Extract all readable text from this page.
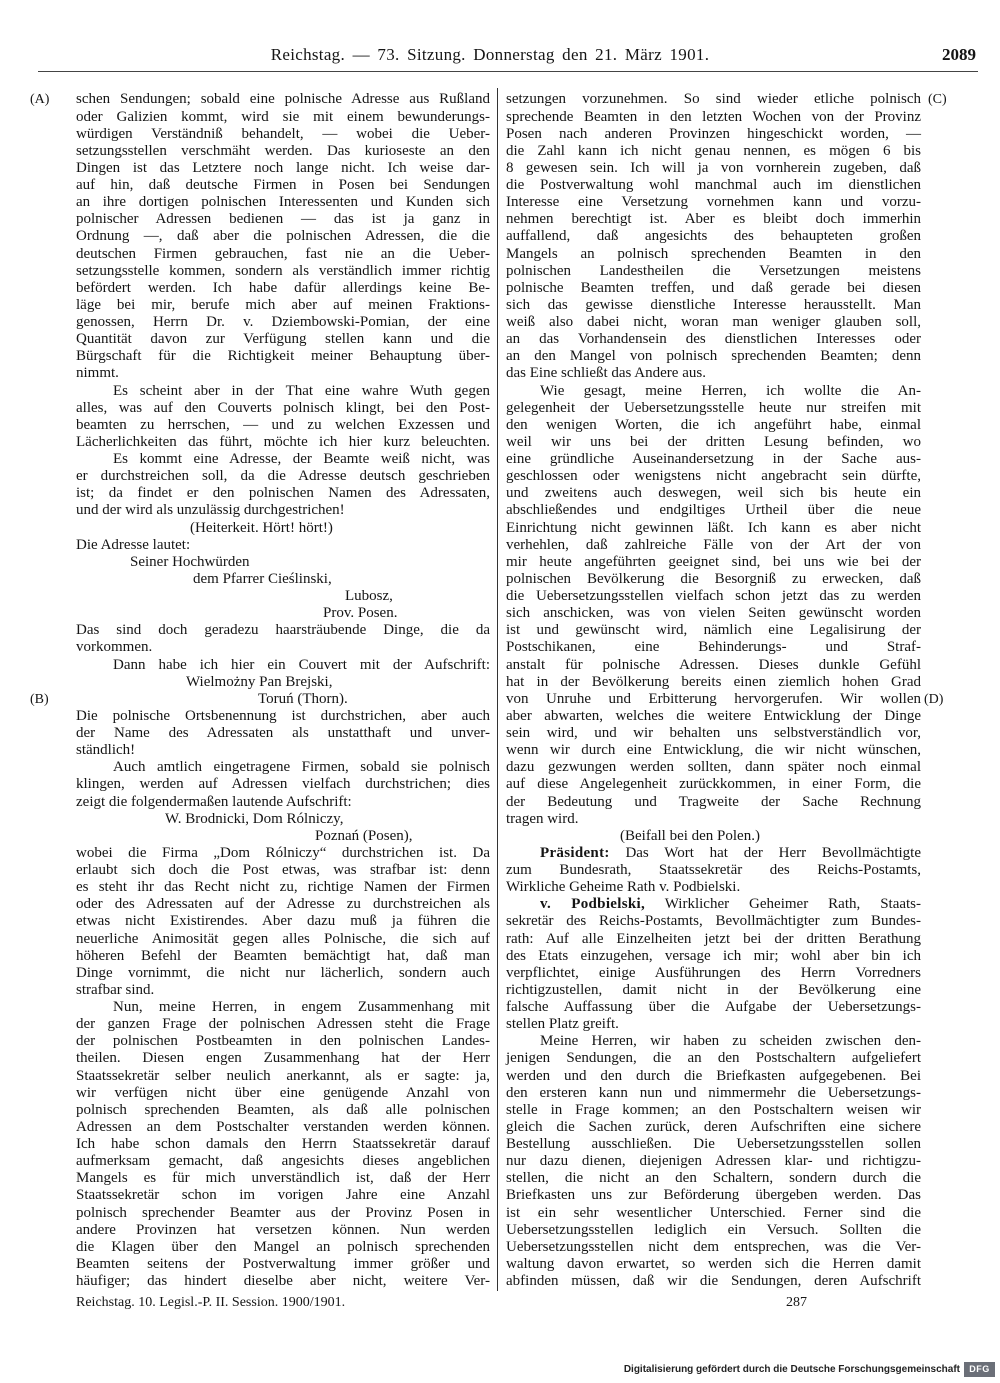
Reichstag. — 73. Sitzung. Donnerstag den 21. März 1901.	2089
(A)
(B)
(C)
(D)
schen Sendungen; sobald eine polnische Adresse aus Rußland
oder Galizien kommt, wird sie mit einem bewunderungs-
würdigen Verständniß behandelt, — wobei die Ueber-
setzungsstellen verschmäht werden. Das kurioseste an den
Dingen ist das Letztere noch lange nicht. Ich weise dar-
auf hin, daß deutsche Firmen in Posen bei Sendungen
an ihre dortigen polnischen Interessenten und Kunden sich
polnischer Adressen bedienen — das ist ja ganz in
Ordnung —, daß aber die polnischen Adressen, die die
deutschen Firmen gebrauchen, fast nie an die Ueber-
setzungsstelle kommen, sondern als verständlich immer richtig
befördert werden. Ich habe dafür allerdings keine Be-
läge bei mir, berufe mich aber auf meinen Fraktions-
genossen, Herrn Dr. v. Dziembowski-Pomian, der eine
Quantität davon zur Verfügung stellen kann und die
Bürgschaft für die Richtigkeit meiner Behauptung über-
nimmt.
Es scheint aber in der That eine wahre Wuth gegen
alles, was auf den Couverts polnisch klingt, bei den Post-
beamten zu herrschen, — und zu welchen Exzessen und
Lächerlichkeiten das führt, möchte ich hier kurz beleuchten.
Es kommt eine Adresse, der Beamte weiß nicht, was
er durchstreichen soll, da die Adresse deutsch geschrieben
ist; da findet er den polnischen Namen des Adressaten,
und der wird als unzulässig durchgestrichen!
(Heiterkeit. Hört! hört!)
Die Adresse lautet:
Seiner Hochwürden
dem Pfarrer Cieślinski,
Lubosz,
Prov. Posen.
Das sind doch geradezu haarsträubende Dinge, die da
vorkommen.
Dann habe ich hier ein Couvert mit der Aufschrift:
Wielmożny Pan Brejski,
Toruń (Thorn).
Die polnische Ortsbenennung ist durchstrichen, aber auch
der Name des Adressaten als unstatthaft und unver-
ständlich!
Auch amtlich eingetragene Firmen, sobald sie polnisch
klingen, werden auf Adressen vielfach durchstrichen; dies
zeigt die folgendermaßen lautende Aufschrift:
W. Brodnicki, Dom Rólniczy,
Poznań (Posen),
wobei die Firma „Dom Rólniczy“ durchstrichen ist. Da
erlaubt sich doch die Post etwas, was strafbar ist: denn
es steht ihr das Recht nicht zu, richtige Namen der Firmen
oder des Adressaten auf der Adresse zu durchstreichen als
etwas nicht Existirendes. Aber dazu muß ja führen die
neuerliche Animosität gegen alles Polnische, die sich auf
höheren Befehl der Beamten bemächtigt hat, daß man
Dinge vornimmt, die nicht nur lächerlich, sondern auch
strafbar sind.
Nun, meine Herren, in engem Zusammenhang mit
der ganzen Frage der polnischen Adressen steht die Frage
der polnischen Postbeamten in den polnischen Landes-
theilen. Diesen engen Zusammenhang hat der Herr
Staatssekretär selber neulich anerkannt, als er sagte: ja,
wir verfügen nicht über eine genügende Anzahl von
polnisch sprechenden Beamten, als daß alle polnischen
Adressen an dem Postschalter verstanden werden können.
Ich habe schon damals den Herrn Staatssekretär darauf
aufmerksam gemacht, daß angesichts dieses angeblichen
Mangels es für mich unverständlich ist, daß der Herr
Staatssekretär schon im vorigen Jahre eine Anzahl
polnisch sprechender Beamter aus der Provinz Posen in
andere Provinzen hat versetzen können. Nun werden
die Klagen über den Mangel an polnisch sprechenden
Beamten seitens der Postverwaltung immer größer und
häufiger; das hindert dieselbe aber nicht, weitere Ver-
setzungen vorzunehmen. So sind wieder etliche polnisch
sprechende Beamten in den letzten Wochen von der Provinz
Posen nach anderen Provinzen hingeschickt worden, —
die Zahl kann ich nicht genau nennen, es mögen 6 bis
8 gewesen sein. Ich will ja von vornherein zugeben, daß
die Postverwaltung wohl manchmal auch im dienstlichen
Interesse eine Versetzung vornehmen kann und vorzu-
nehmen berechtigt ist. Aber es bleibt doch immerhin
auffallend, daß angesichts des behaupteten großen
Mangels an polnisch sprechenden Beamten in den
polnischen Landestheilen die Versetzungen meistens
polnische Beamten treffen, und daß gerade bei diesen
sich das gewisse dienstliche Interesse herausstellt. Man
weiß also dabei nicht, woran man weniger glauben soll,
an das Vorhandensein des dienstlichen Interesses oder
an den Mangel von polnisch sprechenden Beamten; denn
das Eine schließt das Andere aus.
Wie gesagt, meine Herren, ich wollte die An-
gelegenheit der Uebersetzungsstelle heute nur streifen mit
den wenigen Worten, die ich angeführt habe, einmal
weil wir uns bei der dritten Lesung befinden, wo
eine gründliche Auseinandersetzung in der Sache aus-
geschlossen oder wenigstens nicht angebracht sein dürfte,
und zweitens auch deswegen, weil sich bis heute ein
abschließendes und endgiltiges Urtheil über die neue
Einrichtung nicht gewinnen läßt. Ich kann es aber nicht
verhehlen, daß zahlreiche Fälle von der Art der von
mir heute angeführten geeignet sind, bei uns wie bei der
polnischen Bevölkerung die Besorgniß zu erwecken, daß
die Uebersetzungsstellen vielfach schon jetzt das zu werden
sich anschicken, was von vielen Seiten gewünscht worden
ist und gewünscht wird, nämlich eine Legalisirung der
Postschikanen, eine Behinderungs- und Straf-
anstalt für polnische Adressen. Dieses dunkle Gefühl
hat in der Bevölkerung bereits einen ziemlich hohen Grad
von Unruhe und Erbitterung hervorgerufen. Wir wollen
aber abwarten, welches die weitere Entwicklung der Dinge
sein wird, und wir behalten uns selbstverständlich vor,
wenn wir durch eine Entwicklung, die wir nicht wünschen,
dazu gezwungen werden sollten, dann später noch einmal
auf diese Angelegenheit zurückkommen, in einer Form, die
der Bedeutung und Tragweite der Sache Rechnung
tragen wird.
(Beifall bei den Polen.)
Präsident: Das Wort hat der Herr Bevollmächtigte
zum Bundesrath, Staatssekretär des Reichs-Postamts,
Wirkliche Geheime Rath v. Podbielski.
v. Podbielski, Wirklicher Geheimer Rath, Staats-
sekretär des Reichs-Postamts, Bevollmächtigter zum Bundes-
rath: Auf alle Einzelheiten jetzt bei der dritten Berathung
des Etats einzugehen, versage ich mir; wohl aber bin ich
verpflichtet, einige Ausführungen des Herrn Vorredners
richtigzustellen, damit nicht in der Bevölkerung eine
falsche Auffassung über die Aufgabe der Uebersetzungs-
stellen Platz greift.
Meine Herren, wir haben zu scheiden zwischen den-
jenigen Sendungen, die an den Postschaltern aufgeliefert
werden und den durch die Briefkasten aufgegebenen. Bei
den ersteren kann nun und nimmermehr die Uebersetzungs-
stelle in Frage kommen; an den Postschaltern weisen wir
gleich die Sachen zurück, deren Aufschriften eine sichere
Bestellung ausschließen. Die Uebersetzungsstellen sollen
nur dazu dienen, diejenigen Adressen klar- und richtigzu-
stellen, die nicht an den Schaltern, sondern durch die
Briefkasten uns zur Beförderung übergeben werden. Das
ist ein sehr wesentlicher Unterschied. Ferner sind die
Uebersetzungsstellen lediglich ein Versuch. Sollten die
Uebersetzungsstellen nicht dem entsprechen, was die Ver-
waltung davon erwartet, so werden sich die Herren damit
abfinden müssen, daß wir die Sendungen, deren Aufschrift
Reichstag. 10. Legisl.-P. II. Session. 1900/1901.	287
Digitalisierung gefördert durch die Deutsche Forschungsgemeinschaft	DFG
